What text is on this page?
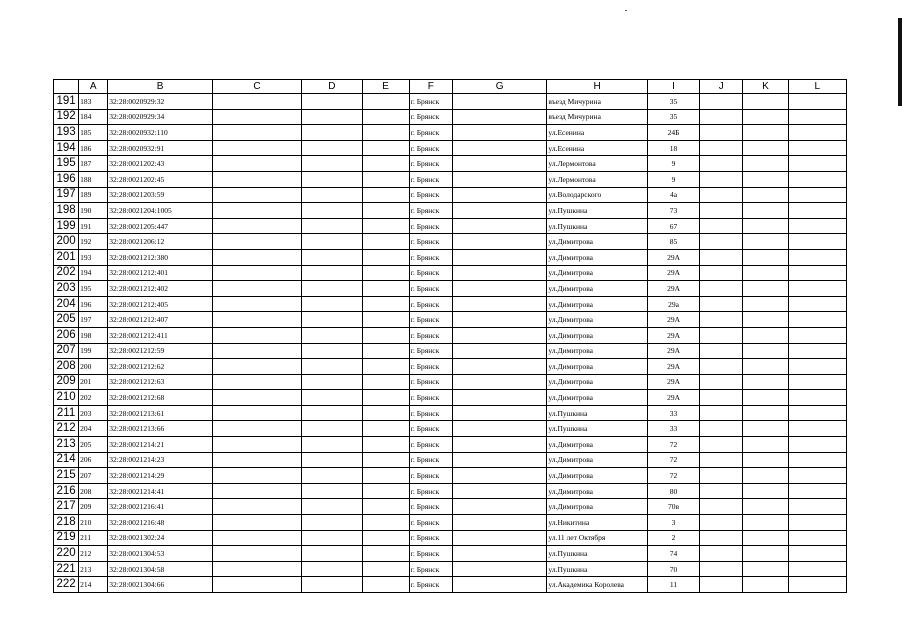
	A	B	C	D	E	F	G	H	I	J	K	L
191	183	32:28:0020929:32				г. Брянск		въезд Мичурина	35			
192	184	32:28:0020929:34				г. Брянск		въезд Мичурина	35			
193	185	32:28:0020932:110				г. Брянск		ул.Есенина	24Б			
194	186	32:28:0020932:91				г. Брянск		ул.Есенина	18			
195	187	32:28:0021202:43				г. Брянск		ул.Лермонтова	9			
196	188	32:28:0021202:45				г. Брянск		ул.Лермонтова	9			
197	189	32:28:0021203:59				г. Брянск		ул.Володарского	4а			
198	190	32:28:0021204:1005				г. Брянск		ул.Пушкина	73			
199	191	32:28:0021205:447				г. Брянск		ул.Пушкина	67			
200	192	32:28:0021206:12				г. Брянск		ул.Димитрова	85			
201	193	32:28:0021212:380				г. Брянск		ул.Димитрова	29А			
202	194	32:28:0021212:401				г. Брянск		ул.Димитрова	29А			
203	195	32:28:0021212:402				г. Брянск		ул.Димитрова	29А			
204	196	32:28:0021212:405				г. Брянск		ул.Димитрова	29а			
205	197	32:28:0021212:407				г. Брянск		ул.Димитрова	29А			
206	198	32:28:0021212:411				г. Брянск		ул.Димитрова	29А			
207	199	32:28:0021212:59				г. Брянск		ул.Димитрова	29А			
208	200	32:28:0021212:62				г. Брянск		ул.Димитрова	29А			
209	201	32:28:0021212:63				г. Брянск		ул.Димитрова	29А			
210	202	32:28:0021212:68				г. Брянск		ул.Димитрова	29А			
211	203	32:28:0021213:61				г. Брянск		ул.Пушкина	33			
212	204	32:28:0021213:66				г. Брянск		ул.Пушкина	33			
213	205	32:28:0021214:21				г. Брянск		ул.Димитрова	72			
214	206	32:28:0021214:23				г. Брянск		ул.Димитрова	72			
215	207	32:28:0021214:29				г. Брянск		ул.Димитрова	72			
216	208	32:28:0021214:41				г. Брянск		ул.Димитрова	80			
217	209	32:28:0021216:41				г. Брянск		ул.Димитрова	70в			
218	210	32:28:0021216:48				г. Брянск		ул.Никитина	3			
219	211	32:28:0021302:24				г. Брянск		ул.11 лет Октября	2			
220	212	32:28:0021304:53				г. Брянск		ул.Пушкина	74			
221	213	32:28:0021304:58				г. Брянск		ул.Пушкина	70			
222	214	32:28:0021304:66				г. Брянск		ул.Академика Королева	11			
